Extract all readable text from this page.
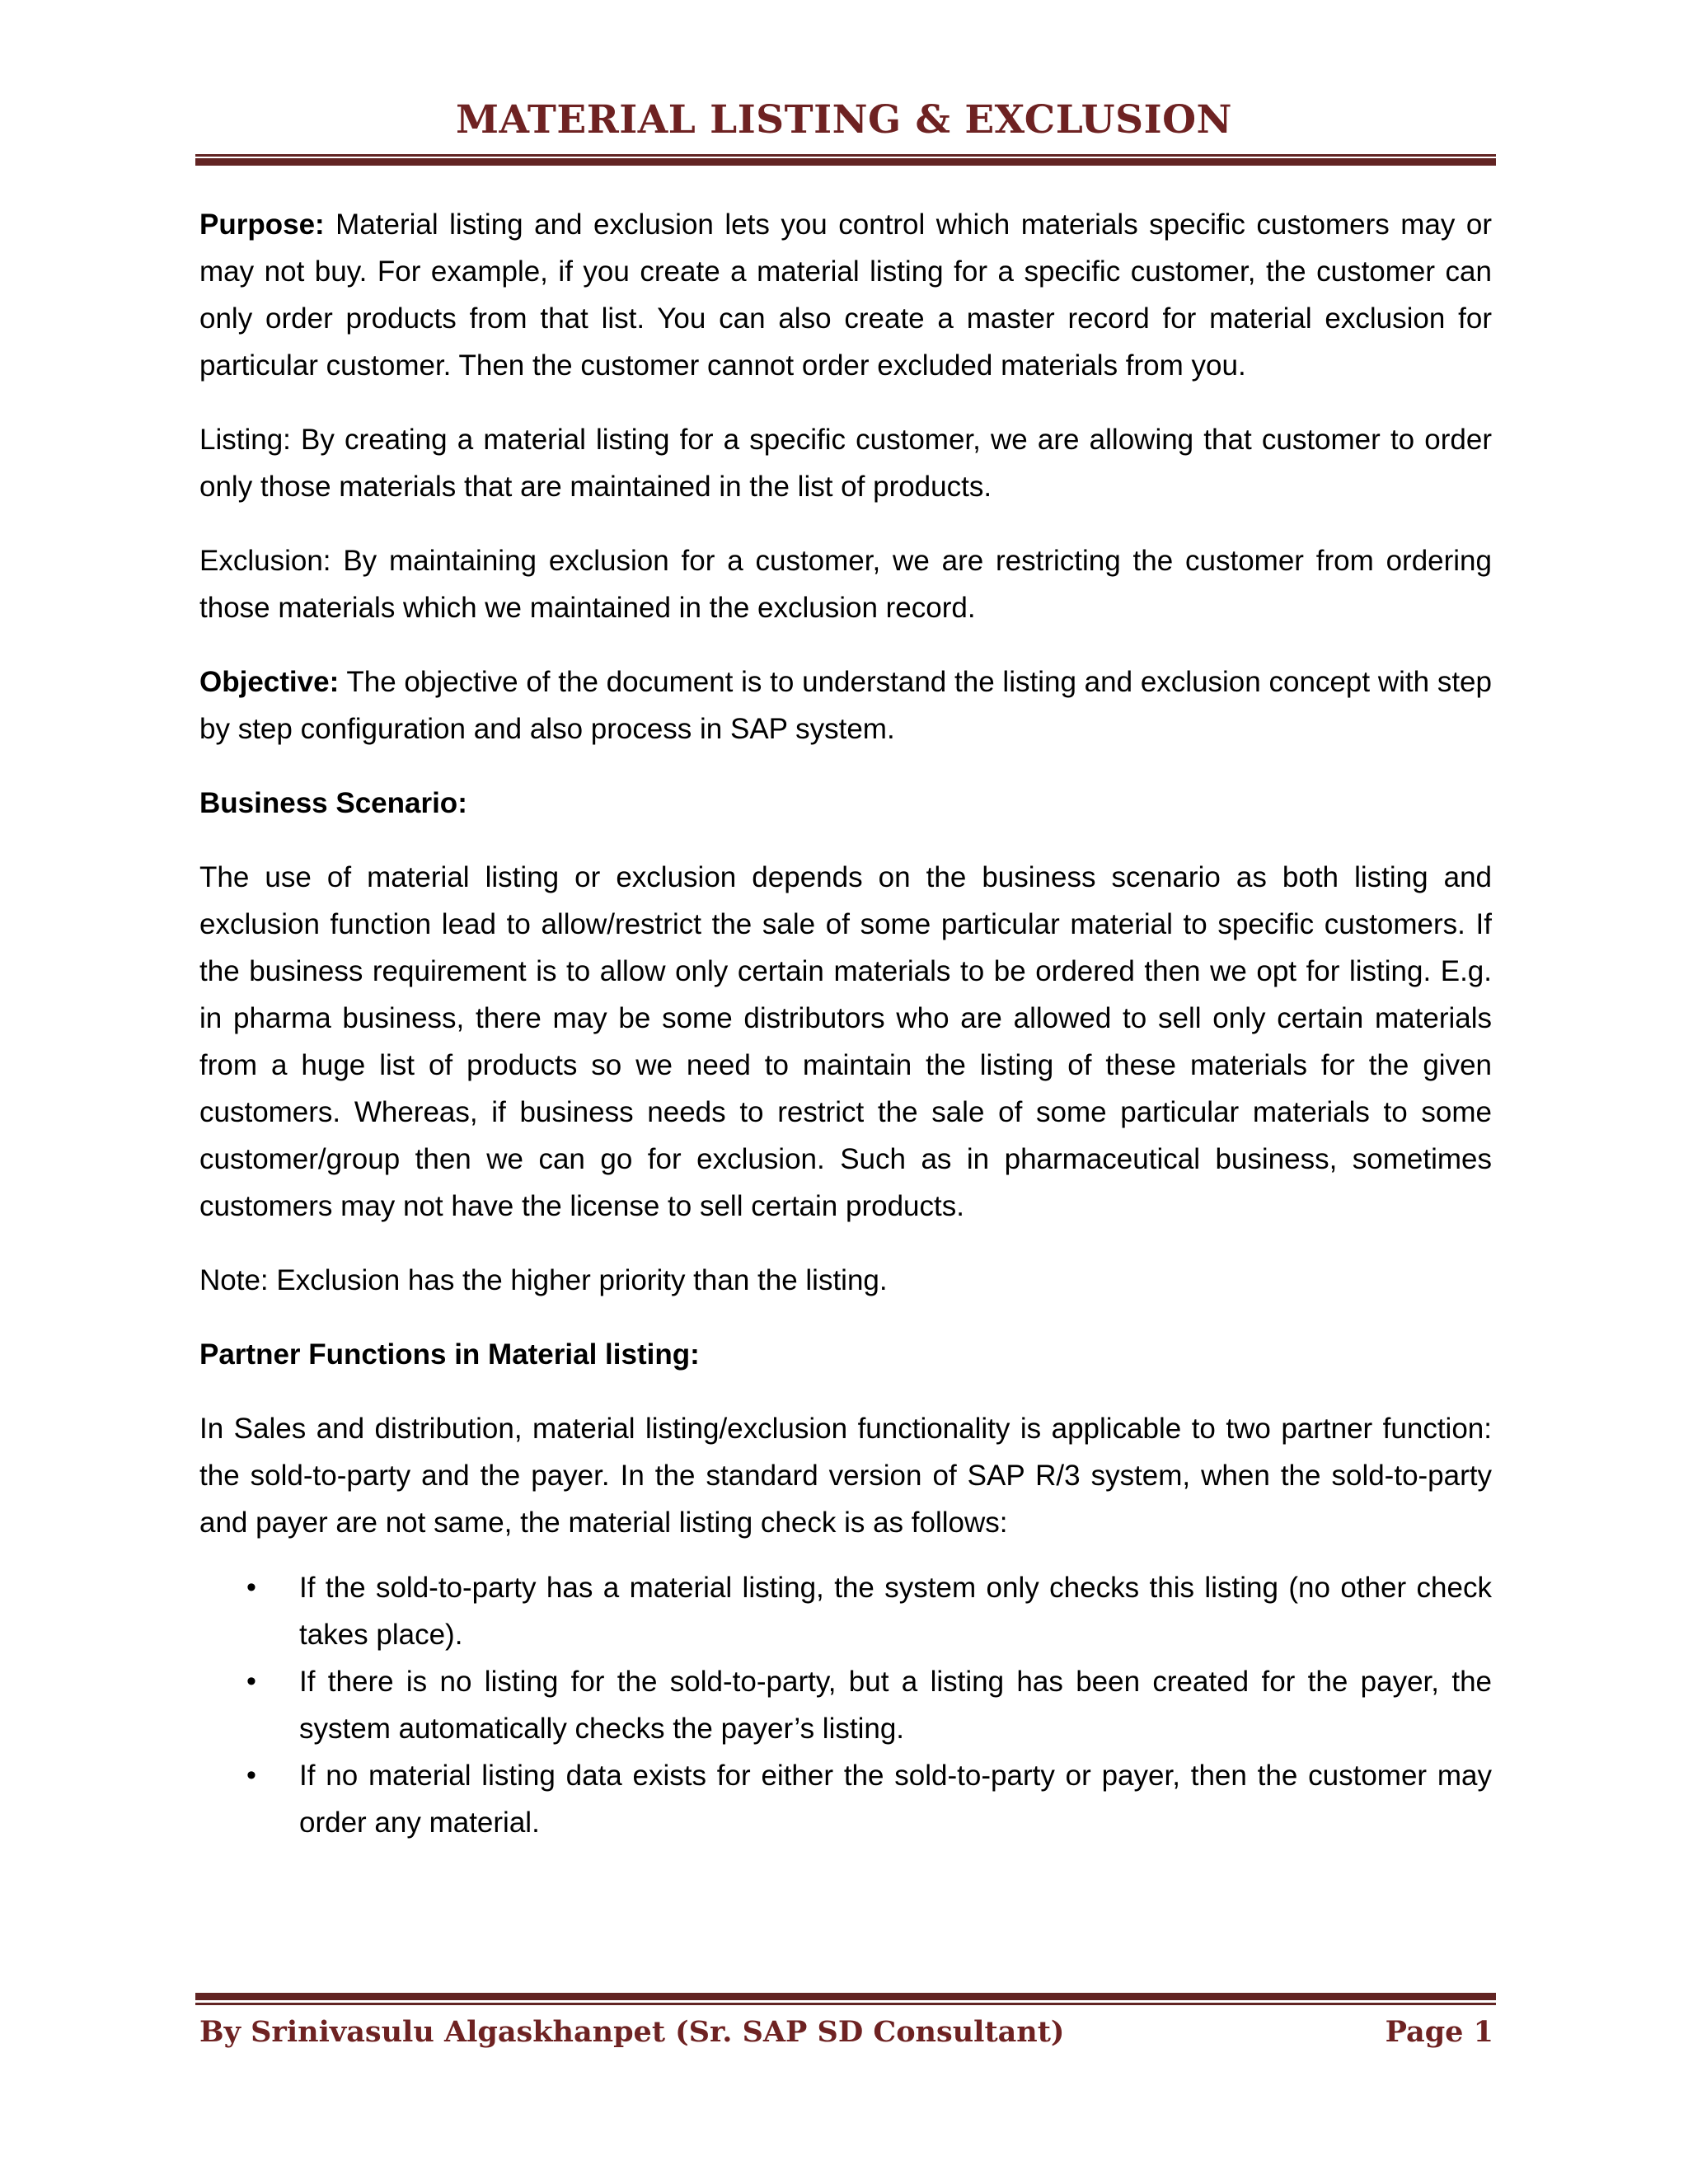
MATERIAL LISTING & EXCLUSION

Purpose: Material listing and exclusion lets you control which materials specific customers may or may not buy. For example, if you create a material listing for a specific customer, the customer can only order products from that list. You can also create a master record for material exclusion for particular customer. Then the customer cannot order excluded materials from you.

Listing: By creating a material listing for a specific customer, we are allowing that customer to order only those materials that are maintained in the list of products.

Exclusion: By maintaining exclusion for a customer, we are restricting the customer from ordering those materials which we maintained in the exclusion record.

Objective: The objective of the document is to understand the listing and exclusion concept with step by step configuration and also process in SAP system.

Business Scenario:

The use of material listing or exclusion depends on the business scenario as both listing and exclusion function lead to allow/restrict the sale of some particular material to specific customers. If the business requirement is to allow only certain materials to be ordered then we opt for listing. E.g. in pharma business, there may be some distributors who are allowed to sell only certain materials from a huge list of products so we need to maintain the listing of these materials for the given customers. Whereas, if business needs to restrict the sale of some particular materials to some customer/group then we can go for exclusion. Such as in pharmaceutical business, sometimes customers may not have the license to sell certain products.

Note: Exclusion has the higher priority than the listing.

Partner Functions in Material listing:

In Sales and distribution, material listing/exclusion functionality is applicable to two partner function: the sold-to-party and the payer. In the standard version of SAP R/3 system, when the sold-to-party and payer are not same, the material listing check is as follows:

• If the sold-to-party has a material listing, the system only checks this listing (no other check takes place).
• If there is no listing for the sold-to-party, but a listing has been created for the payer, the system automatically checks the payer’s listing.
• If no material listing data exists for either the sold-to-party or payer, then the customer may order any material.
By Srinivasulu Algaskhanpet (Sr. SAP SD Consultant)	Page 1
